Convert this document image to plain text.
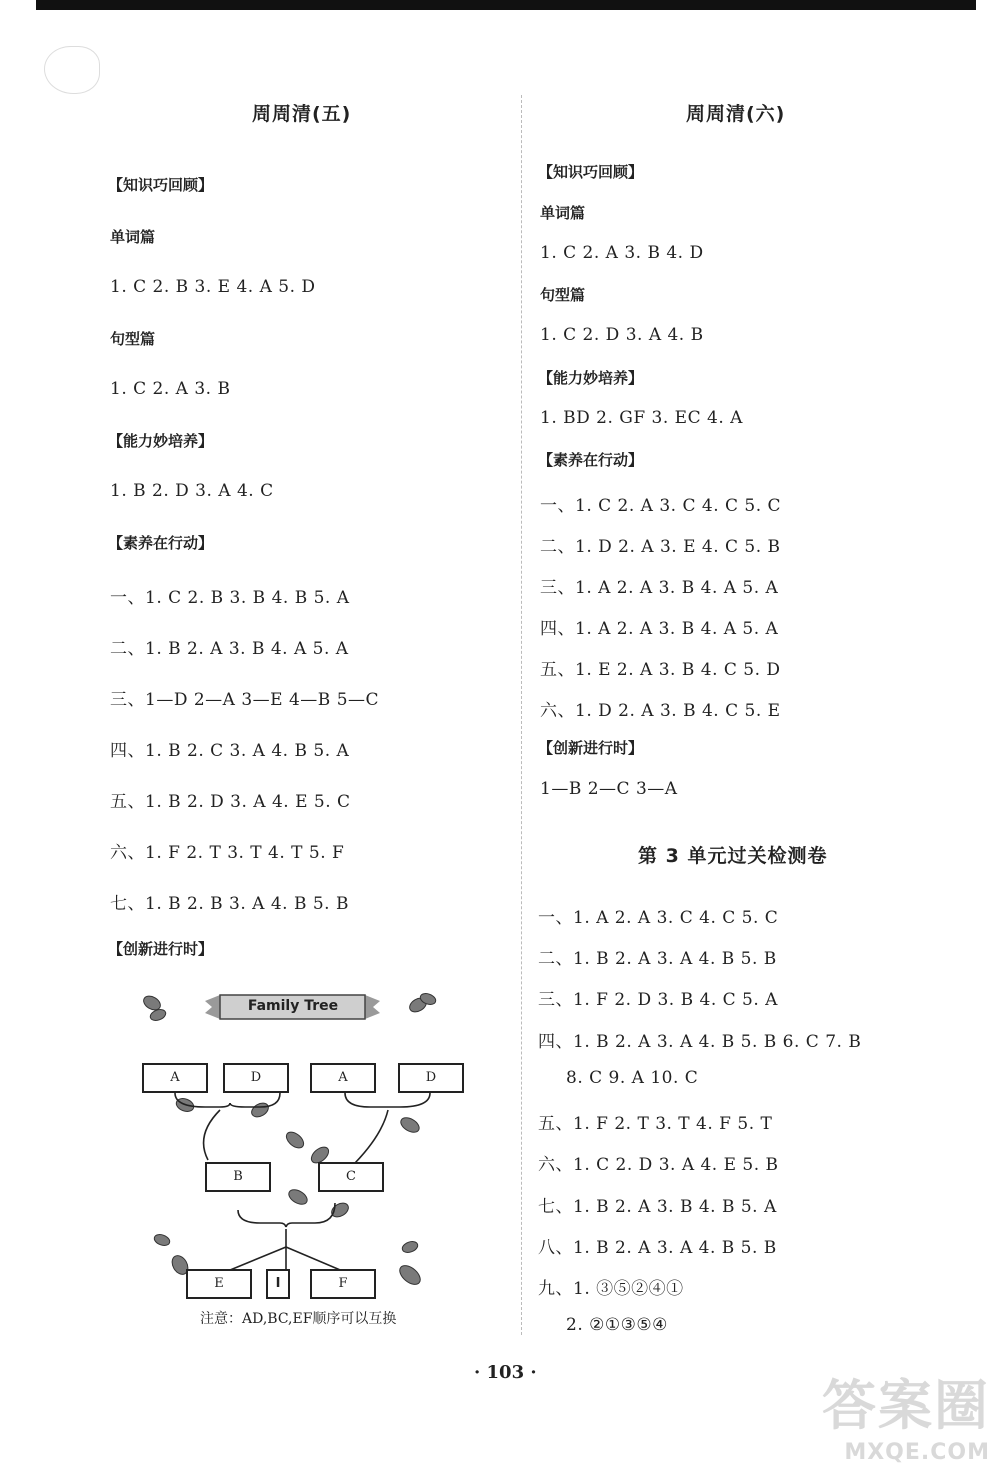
周周清(五)
【知识巧回顾】
单词篇
1. C 2. B 3. E 4. A 5. D
句型篇
1. C 2. A 3. B
【能力妙培养】
1. B 2. D 3. A 4. C
【素养在行动】
一、1. C 2. B 3. B 4. B 5. A
二、1. B 2. A 3. B 4. A 5. A
三、1—D 2—A 3—E 4—B 5—C
四、1. B 2. C 3. A 4. B 5. A
五、1. B 2. D 3. A 4. E 5. C
六、1. F 2. T 3. T 4. T 5. F
七、1. B 2. B 3. A 4. B 5. B
【创新进行时】
Family Tree
A	D	A	D
B	C
E	I	F
注意：AD,BC,EF顺序可以互换
周周清(六)
【知识巧回顾】
单词篇
1. C 2. A 3. B 4. D
句型篇
1. C 2. D 3. A 4. B
【能力妙培养】
1. BD 2. GF 3. EC 4. A
【素养在行动】
一、1. C 2. A 3. C 4. C 5. C
二、1. D 2. A 3. E 4. C 5. B
三、1. A 2. A 3. B 4. A 5. A
四、1. A 2. A 3. B 4. A 5. A
五、1. E 2. A 3. B 4. C 5. D
六、1. D 2. A 3. B 4. C 5. E
【创新进行时】
1—B 2—C 3—A
第 3 单元过关检测卷
一、1. A 2. A 3. C 4. C 5. C
二、1. B 2. A 3. A 4. B 5. B
三、1. F 2. D 3. B 4. C 5. A
四、1. B 2. A 3. A 4. B 5. B 6. C 7. B
8. C 9. A 10. C
五、1. F 2. T 3. T 4. F 5. T
六、1. C 2. D 3. A 4. E 5. B
七、1. B 2. A 3. B 4. B 5. A
八、1. B 2. A 3. A 4. B 5. B
九、1. ③⑤②④①
2. ②①③⑤④
· 103 ·
答案圈
MXQE.COM
